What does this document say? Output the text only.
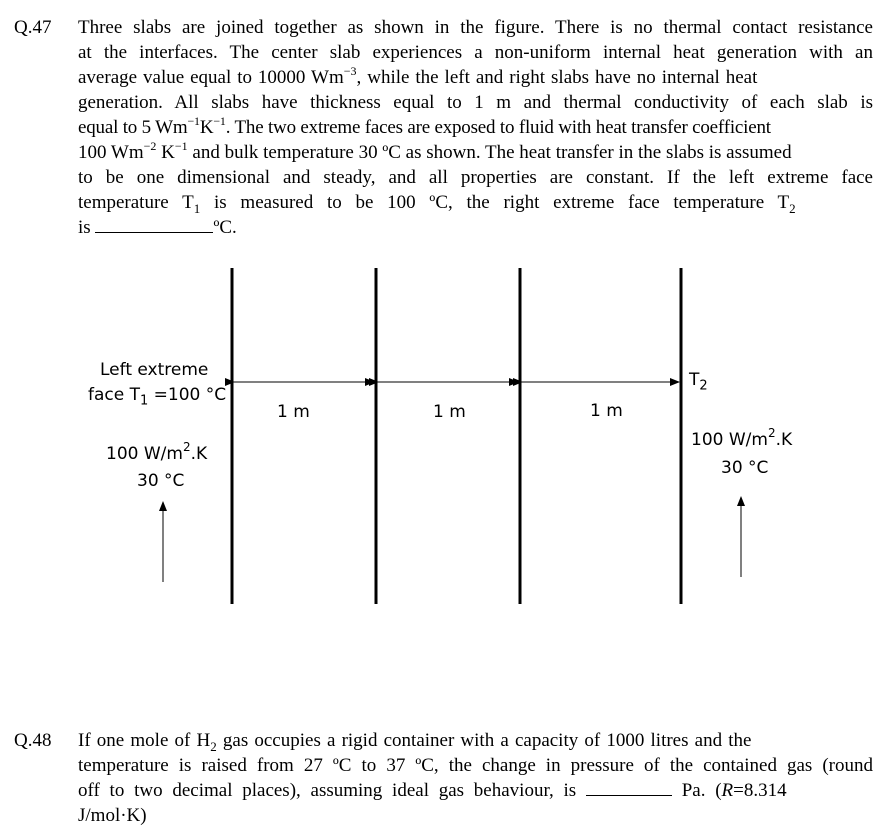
Q.47 Three slabs are joined together as shown in the figure. There is no thermal contact resistance
at the interfaces. The center slab experiences a non-uniform internal heat generation with an
average value equal to 10000 $Wm^{-3}$, while the left and right slabs have no internal heat
generation. All slabs have thickness equal to 1 m and thermal conductivity of each slab is
equal to 5 $Wm^{-1}K^{-1}$. The two extreme faces are exposed to fluid with heat transfer coefficient
100 $Wm^{-2}$ $K^{-1}$ and bulk temperature 30 ºC as shown. The heat transfer in the slabs is assumed
to be one dimensional and steady, and all properties are constant. If the left extreme face
temperature $T_1$ is measured to be 100 ºC, the right extreme face temperature $T_2$
is	ºC.
Left extreme
face $T_1 =100$ °C
100 $W/m^2.K$
30 °C
1 m	1 m	1 m
$T_2$
100 $W/m^2.K$
30 °C
Q.48 If one mole of $H_2$ gas occupies a rigid container with a capacity of 1000 litres and the
temperature is raised from 27 ºC to 37 ºC, the change in pressure of the contained gas (round
off to two decimal places), assuming ideal gas behaviour, is	Pa. (R=8.314
J/mol·K)
